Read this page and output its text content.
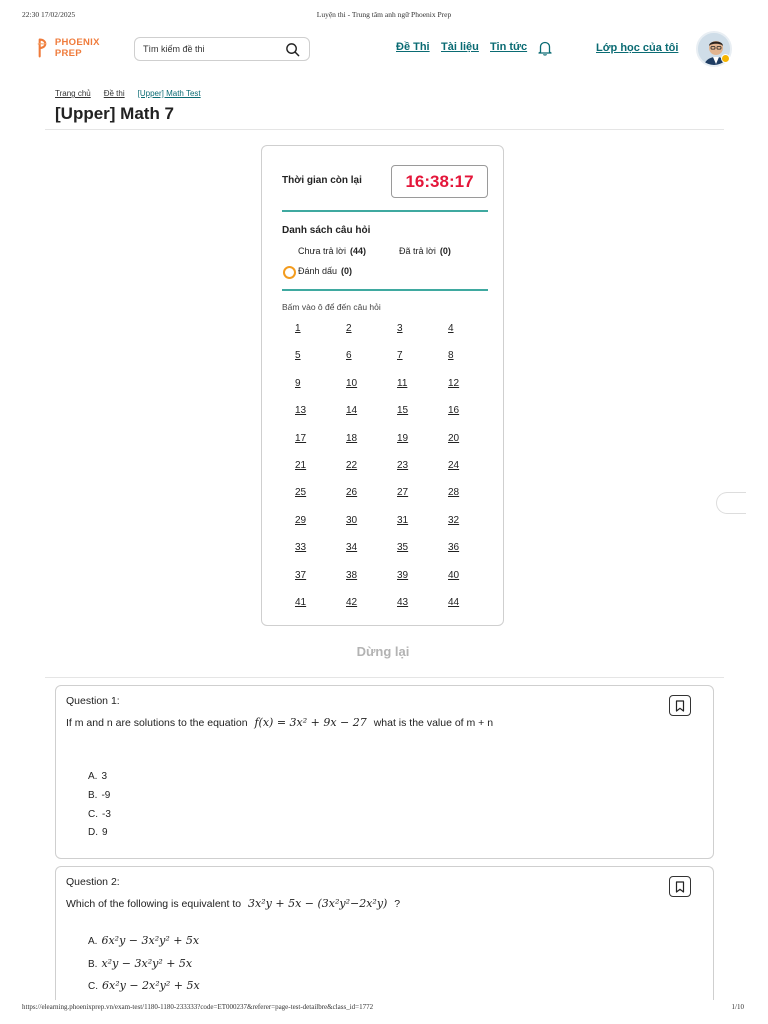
22:30 17/02/2025	Luyện thi - Trung tâm anh ngữ Phoenix Prep
PHOENIX PREP
Tìm kiếm đề thi
Đề Thi Tài liệu Tin tức	Lớp học của tôi
Trang chủ Đề thi [Upper] Math Test
[Upper] Math 7
Thời gian còn lại	16:38:17
Danh sách câu hỏi
Chưa trả lời (44)	Đã trả lời (0)
Đánh dấu (0)
Bấm vào ô để đến câu hỏi
1	2	3	4
5	6	7	8
9	10	11	12
13	14	15	16
17	18	19	20
21	22	23	24
25	26	27	28
29	30	31	32
33	34	35	36
37	38	39	40
41	42	43	44
Dừng lại
Question 1:
If m and n are solutions to the equation f(x) = 3x² + 9x − 27 what is the value of m + n
A. 3
B. -9
C. -3
D. 9
Question 2:
Which of the following is equivalent to 3x²y + 5x − (3x²y²−2x²y) ?
A. 6x²y − 3x²y² + 5x
B. x²y − 3x²y² + 5x
C. 6x²y − 2x²y² + 5x
https://elearning.phoenixprep.vn/exam-test/1180-1180-233333?code=ET000237&referer=page-test-detailbre&class_id=1772	1/10
